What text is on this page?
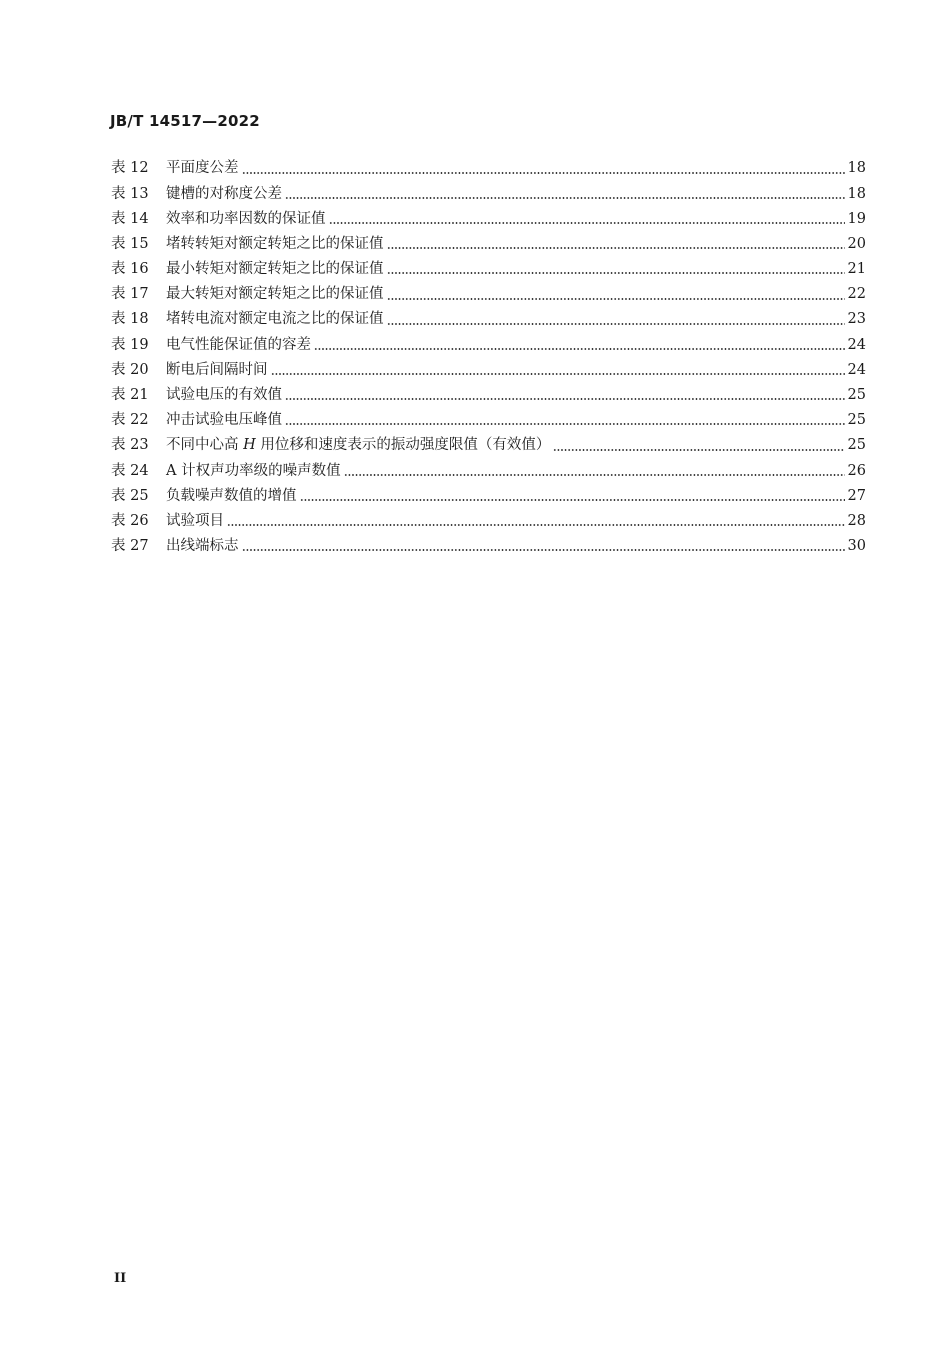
JB/T 14517—2022
表 12	平面度公差	18
表 13	键槽的对称度公差	18
表 14	效率和功率因数的保证值	19
表 15	堵转转矩对额定转矩之比的保证值	20
表 16	最小转矩对额定转矩之比的保证值	21
表 17	最大转矩对额定转矩之比的保证值	22
表 18	堵转电流对额定电流之比的保证值	23
表 19	电气性能保证值的容差	24
表 20	断电后间隔时间	24
表 21	试验电压的有效值	25
表 22	冲击试验电压峰值	25
表 23	不同中心高 H 用位移和速度表示的振动强度限值（有效值）	25
表 24	A 计权声功率级的噪声数值	26
表 25	负载噪声数值的增值	27
表 26	试验项目	28
表 27	出线端标志	30
II
